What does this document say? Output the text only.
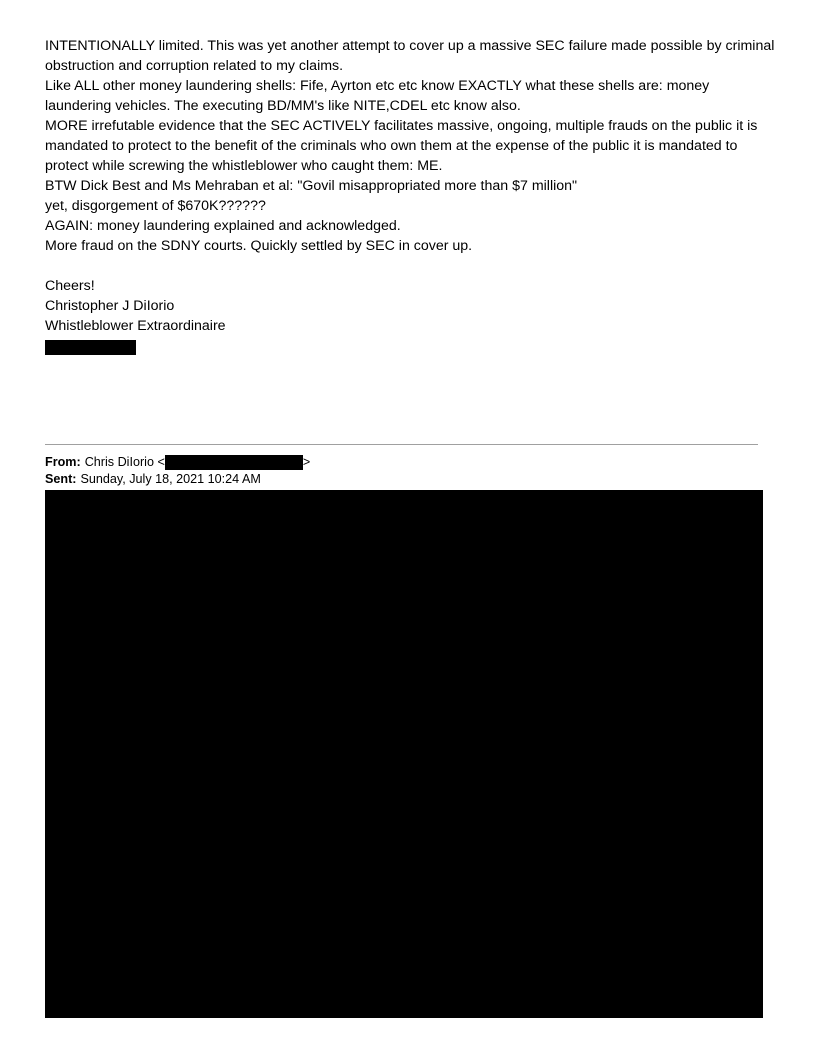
INTENTIONALLY limited. This was yet another attempt to cover up a massive SEC failure made possible by criminal obstruction and corruption related to my claims.

Like ALL other money laundering shells: Fife, Ayrton etc etc know EXACTLY what these shells are: money laundering vehicles. The executing BD/MM's like NITE,CDEL etc know also.

MORE irrefutable evidence that the SEC ACTIVELY facilitates massive, ongoing, multiple frauds on the public it is mandated to protect to the benefit of the criminals who own them at the expense of the public it is mandated to protect while screwing the whistleblower who caught them: ME.

BTW Dick Best and Ms Mehraban et al: "Govil misappropriated more than $7 million"

yet, disgorgement of $670K??????

AGAIN: money laundering explained and acknowledged.

More fraud on the SDNY courts. Quickly settled by SEC in cover up.

Cheers!

Christopher J DiIorio

Whistleblower Extraordinaire

From: Chris DiIorio <	>
Sent: Sunday, July 18, 2021 10:24 AM
